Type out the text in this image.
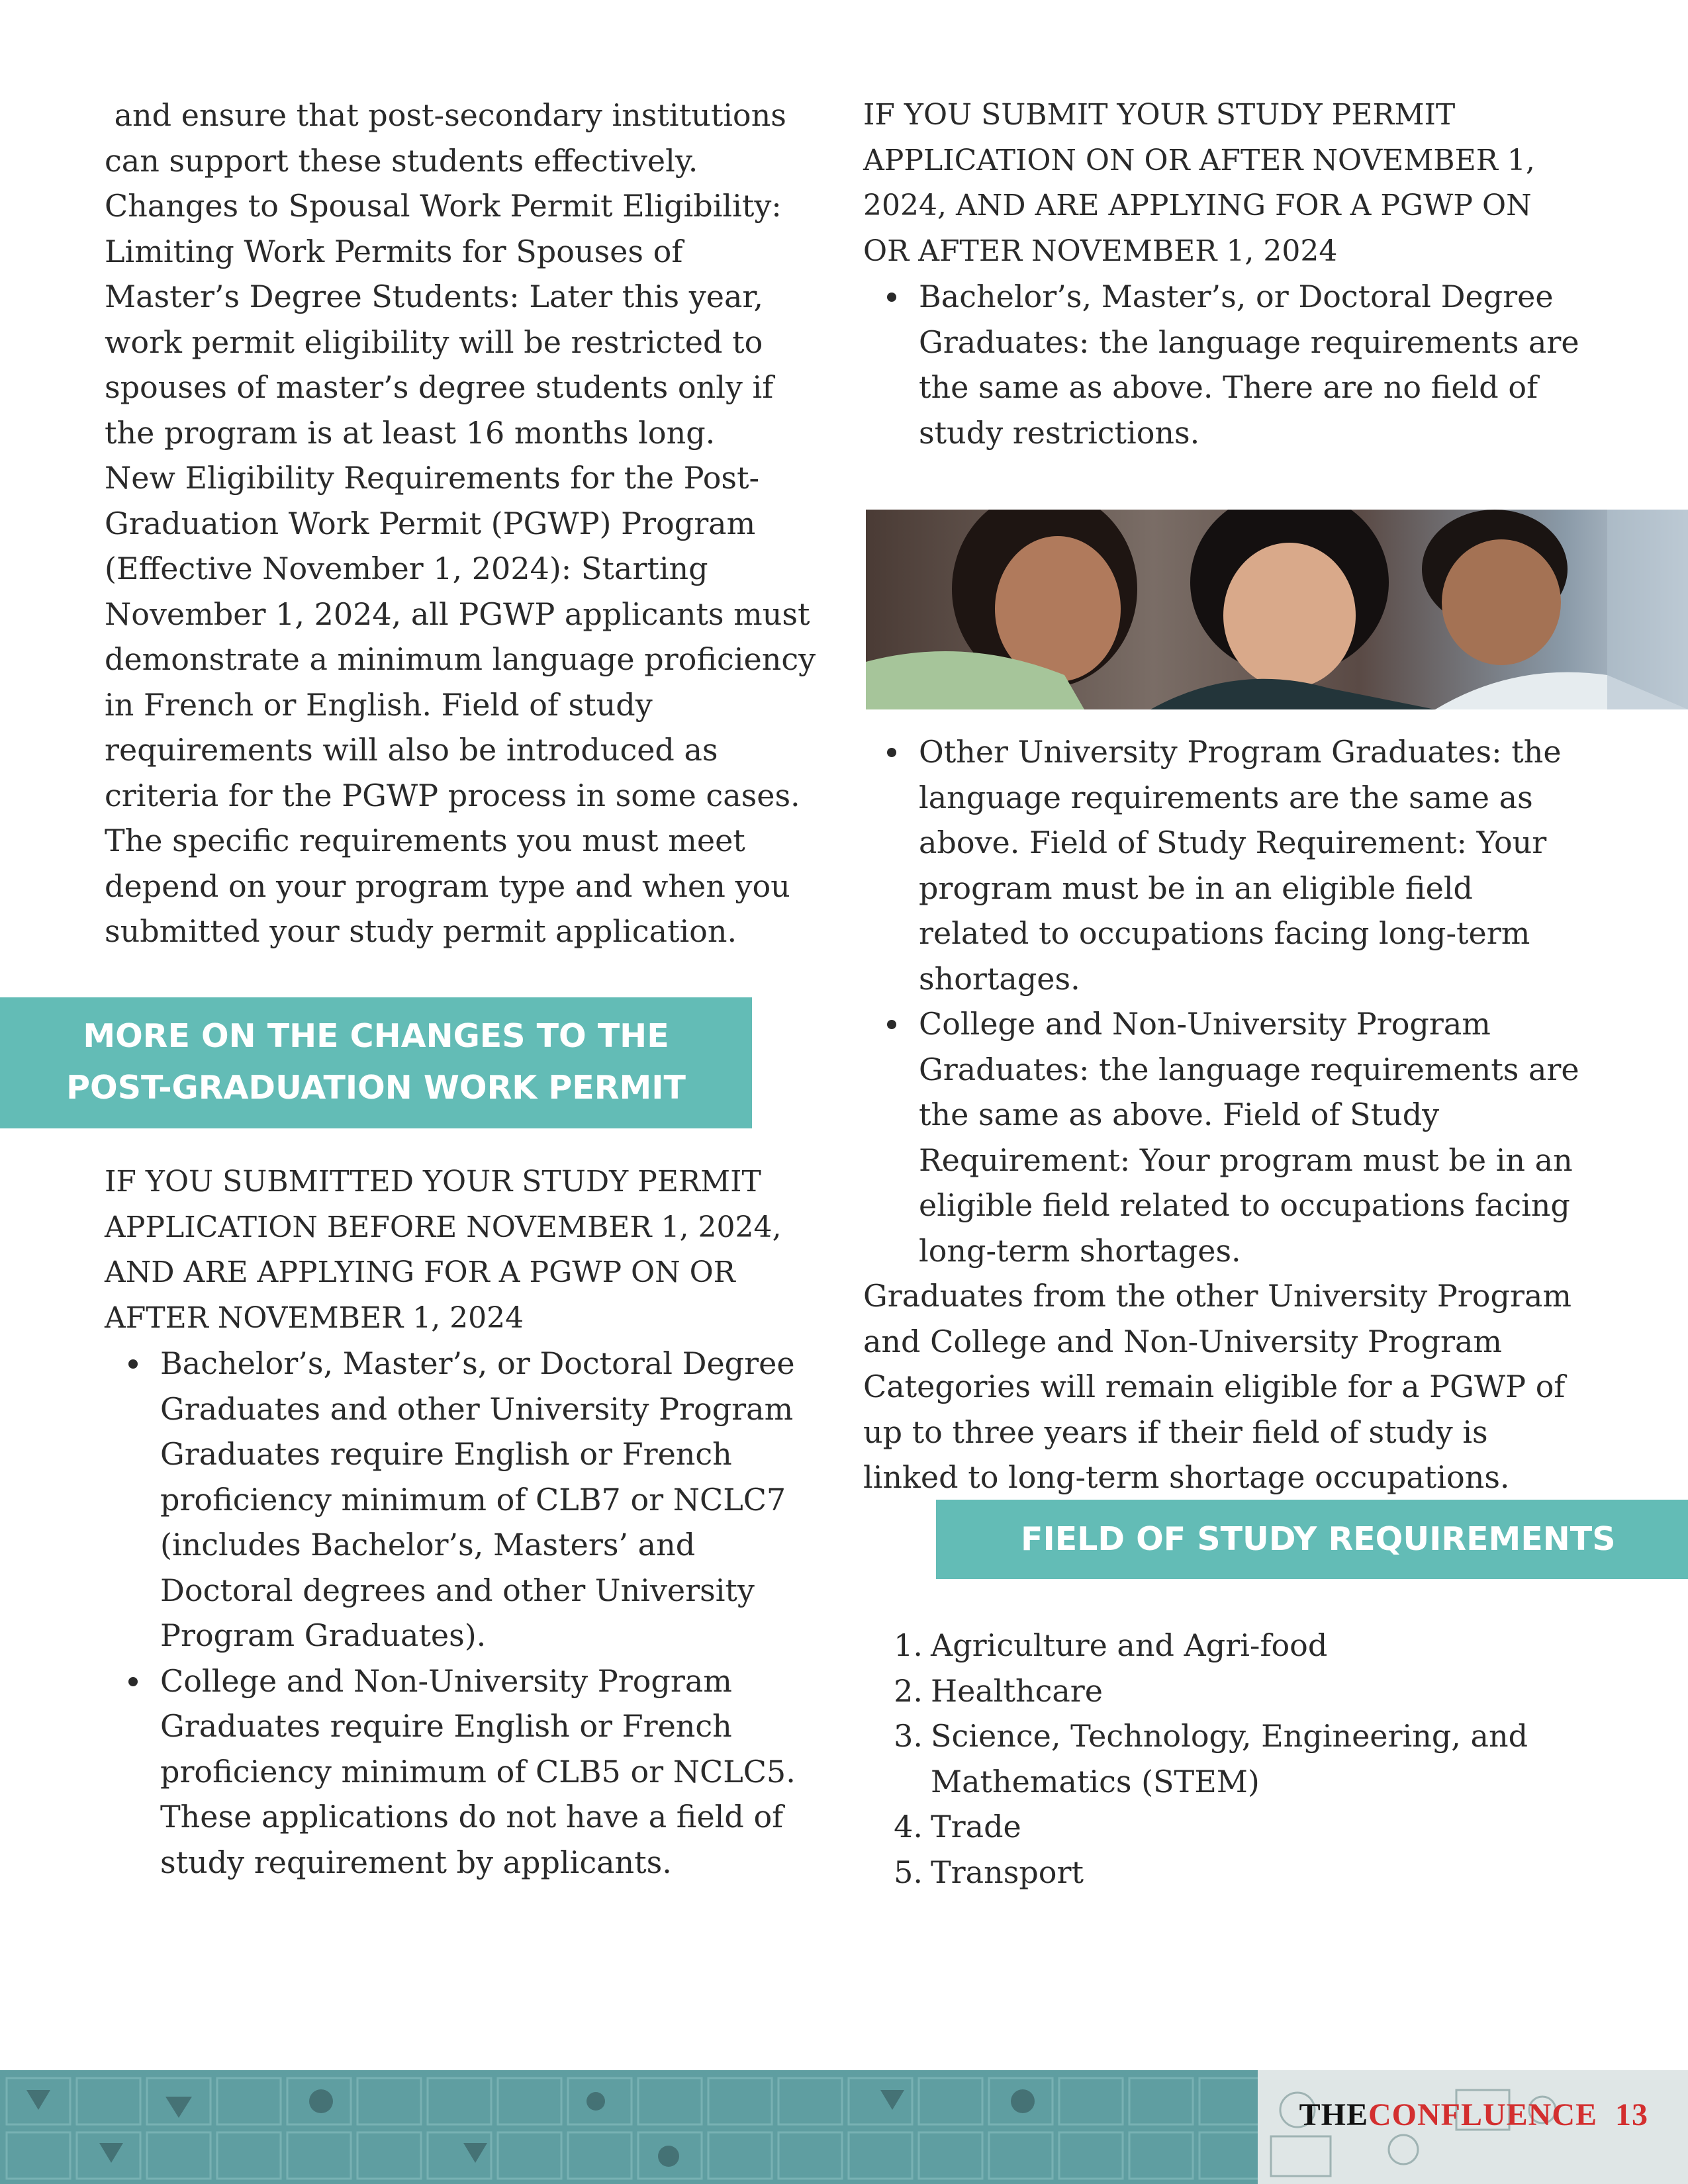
and ensure that post-secondary institutions can support these students effectively.

Changes to Spousal Work Permit Eligibility: Limiting Work Permits for Spouses of Master’s Degree Students: Later this year, work permit eligibility will be restricted to spouses of master’s degree students only if the program is at least 16 months long.

New Eligibility Requirements for the Post-Graduation Work Permit (PGWP) Program (Effective November 1, 2024): Starting November 1, 2024, all PGWP applicants must demonstrate a minimum language proficiency in French or English. Field of study requirements will also be introduced as criteria for the PGWP process in some cases. The specific requirements you must meet depend on your program type and when you submitted your study permit application.

MORE ON THE CHANGES TO THE
POST-GRADUATION WORK PERMIT

IF YOU SUBMITTED YOUR STUDY PERMIT APPLICATION BEFORE NOVEMBER 1, 2024, AND ARE APPLYING FOR A PGWP ON OR AFTER NOVEMBER 1, 2024

Bachelor’s, Master’s, or Doctoral Degree Graduates and other University Program Graduates require English or French proficiency minimum of CLB7 or NCLC7 (includes Bachelor’s, Masters’ and Doctoral degrees and other University Program Graduates).
College and Non-University Program Graduates require English or French proficiency minimum of CLB5 or NCLC5. These applications do not have a field of study requirement by applicants.

IF YOU SUBMIT YOUR STUDY PERMIT APPLICATION ON OR AFTER NOVEMBER 1, 2024, AND ARE APPLYING FOR A PGWP ON OR AFTER NOVEMBER 1, 2024

Bachelor’s, Master’s, or Doctoral Degree Graduates: the language requirements are the same as above. There are no field of study restrictions.
Other University Program Graduates: the language requirements are the same as above. Field of Study Requirement: Your program must be in an eligible field related to occupations facing long-term shortages.
College and Non-University Program Graduates: the language requirements are the same as above. Field of Study Requirement: Your program must be in an eligible field related to occupations facing long-term shortages.

Graduates from the other University Program and College and Non-University Program Categories will remain eligible for a PGWP of up to three years if their field of study is linked to long-term shortage occupations.

FIELD OF STUDY REQUIREMENTS
1. Agriculture and Agri-food
2. Healthcare
3. Science, Technology, Engineering, and Mathematics (STEM)
4. Trade
5. Transport
THECONFLUENCE 13
